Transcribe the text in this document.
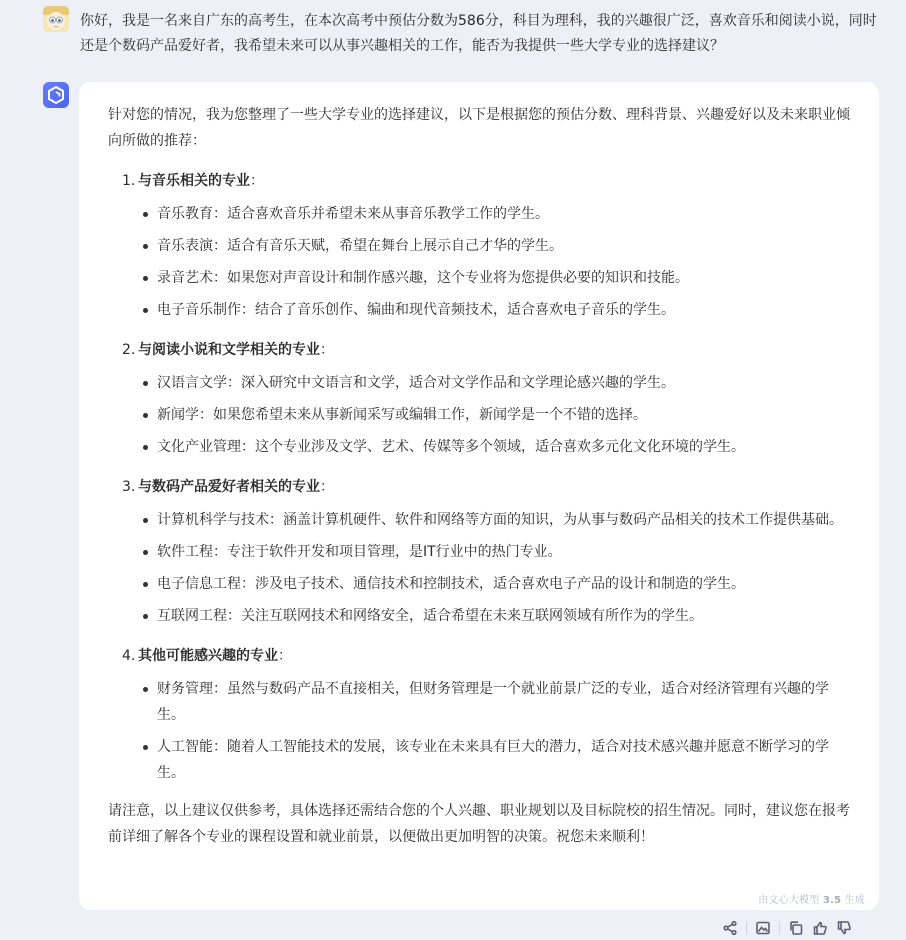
你好，我是一名来自广东的高考生，在本次高考中预估分数为586分，科目为理科，我的兴趣很广泛，喜欢音乐和阅读小说，同时还是个数码产品爱好者，我希望未来可以从事兴趣相关的工作，能否为我提供一些大学专业的选择建议？

针对您的情况，我为您整理了一些大学专业的选择建议，以下是根据您的预估分数、理科背景、兴趣爱好以及未来职业倾向所做的推荐：

1. 与音乐相关的专业：
音乐教育：适合喜欢音乐并希望未来从事音乐教学工作的学生。
音乐表演：适合有音乐天赋，希望在舞台上展示自己才华的学生。
录音艺术：如果您对声音设计和制作感兴趣，这个专业将为您提供必要的知识和技能。
电子音乐制作：结合了音乐创作、编曲和现代音频技术，适合喜欢电子音乐的学生。
2. 与阅读小说和文学相关的专业：
汉语言文学：深入研究中文语言和文学，适合对文学作品和文学理论感兴趣的学生。
新闻学：如果您希望未来从事新闻采写或编辑工作，新闻学是一个不错的选择。
文化产业管理：这个专业涉及文学、艺术、传媒等多个领域，适合喜欢多元化文化环境的学生。
3. 与数码产品爱好者相关的专业：
计算机科学与技术：涵盖计算机硬件、软件和网络等方面的知识，为从事与数码产品相关的技术工作提供基础。
软件工程：专注于软件开发和项目管理，是IT行业中的热门专业。
电子信息工程：涉及电子技术、通信技术和控制技术，适合喜欢电子产品的设计和制造的学生。
互联网工程：关注互联网技术和网络安全，适合希望在未来互联网领域有所作为的学生。
4. 其他可能感兴趣的专业：
财务管理：虽然与数码产品不直接相关，但财务管理是一个就业前景广泛的专业，适合对经济管理有兴趣的学生。
人工智能：随着人工智能技术的发展，该专业在未来具有巨大的潜力，适合对技术感兴趣并愿意不断学习的学生。

请注意，以上建议仅供参考，具体选择还需结合您的个人兴趣、职业规划以及目标院校的招生情况。同时，建议您在报考前详细了解各个专业的课程设置和就业前景，以便做出更加明智的决策。祝您未来顺利！

由文心大模型 3.5 生成
